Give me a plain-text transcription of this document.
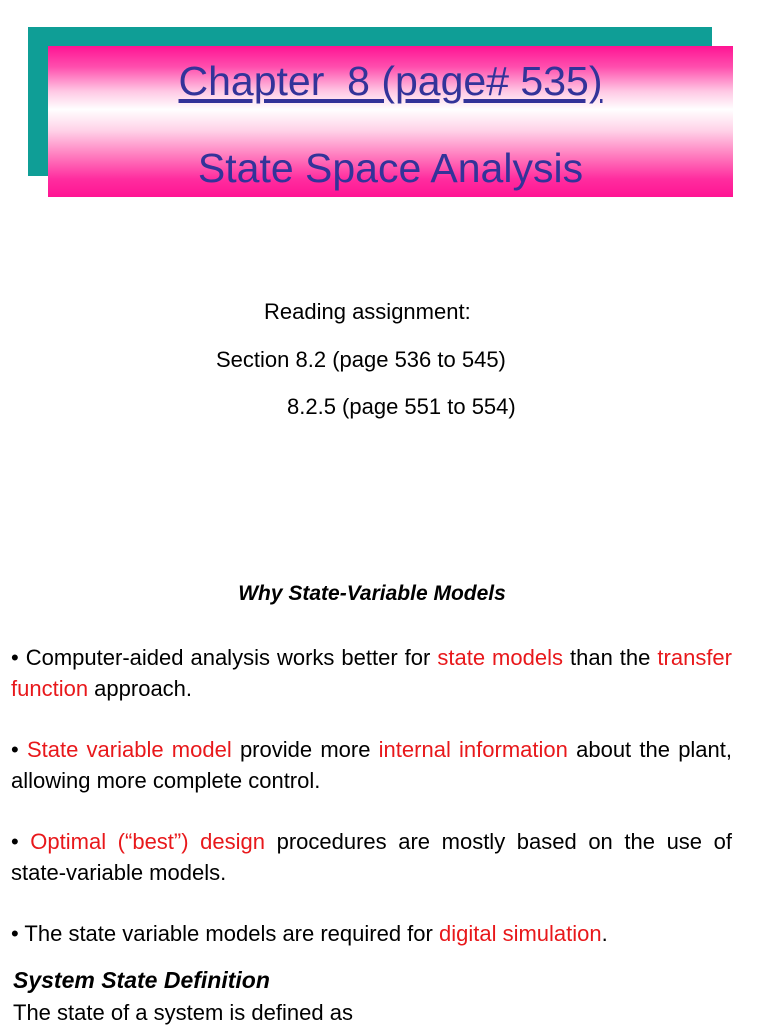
Chapter  8 (page# 535)
State Space Analysis
Reading assignment:
Section 8.2 (page 536 to 545)
8.2.5 (page 551 to 554)
Why State-Variable Models
• Computer-aided analysis works better for state models than the transfer function approach.
• State variable model provide more internal information about the plant, allowing more complete control.
• Optimal (“best”) design procedures are mostly based on the use of state-variable models.
• The state variable models are required for digital simulation.
System State Definition
The state of a system is defined as
